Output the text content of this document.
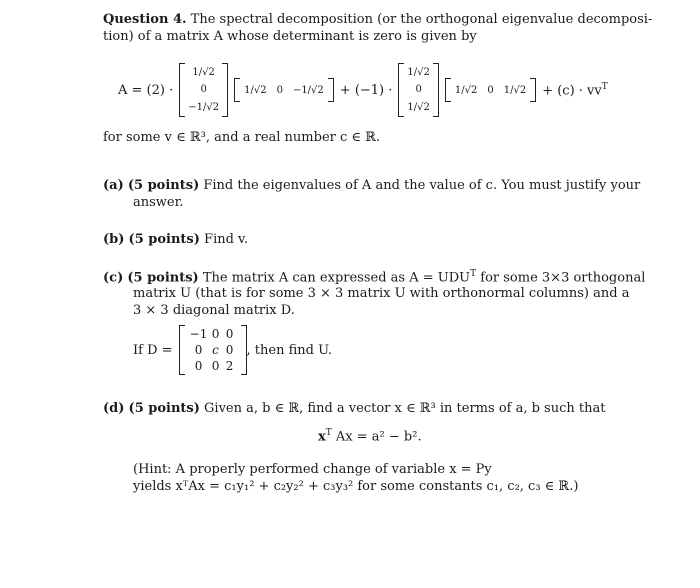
Question 4. The spectral decomposition (or the orthogonal eigenvalue decomposi-
tion) of a matrix A whose determinant is zero is given by
A = (2) ·
1/√2
0
−1/√2
1/√2 0 −1/√2 + (−1) ·
1/√2
0
1/√2
1/√2 0 $1/√2 + (c) \cdot vv^T$
for some v ∈ ℝ³, and a real number c ∈ ℝ.
(a) (5 points) Find the eigenvalues of A and the value of c. You must justify your
answer.
(b) (5 points) Find v.
(c) (5 points) The matrix A can expressed as $A = UDU^T$ for some 3×3 orthogonal
matrix U (that is for some 3 × 3 matrix U with orthonormal columns) and a
3 × 3 diagonal matrix D.
If D =
−1 0 0
0 c 0
0 0 2
, then find U.
(d) (5 points) Given a, b ∈ ℝ, find a vector x ∈ ℝ³ in terms of a, b such that
$x^T$ Ax = a² − b².
(Hint: A properly performed change of variable x = Py
yields xᵀAx = c₁y₁² + c₂y₂² + c₃y₃² for some constants c₁, c₂, c₃ ∈ ℝ.)
